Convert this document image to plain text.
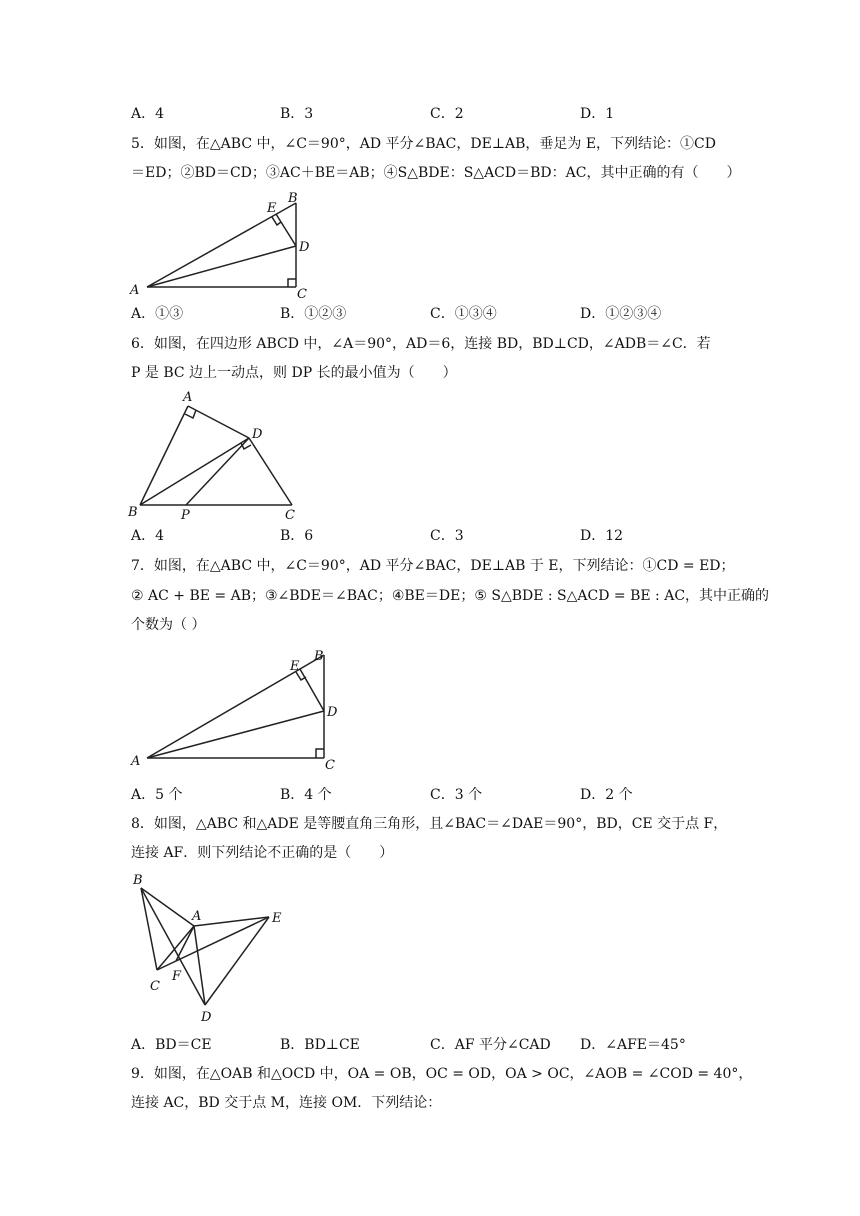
A．4	B．3	C．2	D．1
5．如图，在△ABC 中，∠C＝90°，AD 平分∠BAC，DE⊥AB，垂足为 E，下列结论：①CD
＝ED；②BD＝CD；③AC＋BE＝AB；④S△BDE：S△ACD＝BD：AC，其中正确的有（　　）
A
B
C
D
E
A．①③	B．①②③	C．①③④	D．①②③④
6．如图，在四边形 ABCD 中，∠A＝90°，AD＝6，连接 BD，BD⊥CD，∠ADB＝∠C．若
P 是 BC 边上一动点，则 DP 长的最小值为（　　）
A
B	C
D
P
A．4	B．6	C．3	D．12
7．如图，在△ABC 中，∠C＝90°，AD 平分∠BAC，DE⊥AB 于 E，下列结论：①CD = ED；
② AC + BE = AB；③∠BDE＝∠BAC；④BE＝DE；⑤ S△BDE : S△ACD = BE : AC，其中正确的
个数为（ ）
A
B
C
D
E
A．5 个	B．4 个	C．3 个	D．2 个
8．如图，△ABC 和△ADE 是等腰直角三角形，且∠BAC＝∠DAE＝90°，BD，CE 交于点 F，
连接 AF．则下列结论不正确的是（　　）
B
A	E
C
F
D
A．BD＝CE	B．BD⊥CE	C．AF 平分∠CAD D．∠AFE＝45°
9．如图，在△OAB 和△OCD 中，OA = OB，OC = OD，OA > OC，∠AOB = ∠COD = 40°，
连接 AC，BD 交于点 M，连接 OM．下列结论：
